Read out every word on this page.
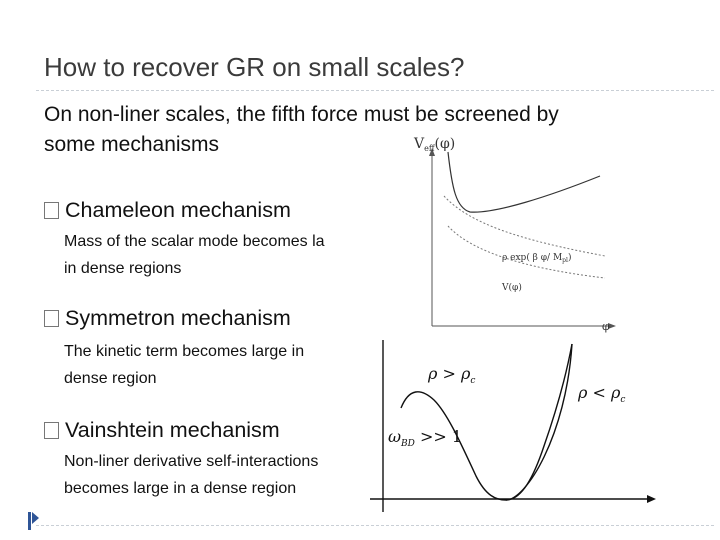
How to recover GR on small scales?
On non-liner scales, the fifth force must be screened by
some mechanisms
Chameleon mechanism
Mass of the scalar mode becomes la
in dense regions
Symmetron mechanism
The kinetic term becomes large in
dense region
Vainshtein mechanism
Non-liner derivative self-interactions
becomes large in a dense region
$V_{eff}(\varphi)$
ρ exp( β φ/ $M_{pl}$)
V(φ)
φ
$\rho > \rho_c$
$\rho < \rho_c$
$\omega_{BD} >> 1$
